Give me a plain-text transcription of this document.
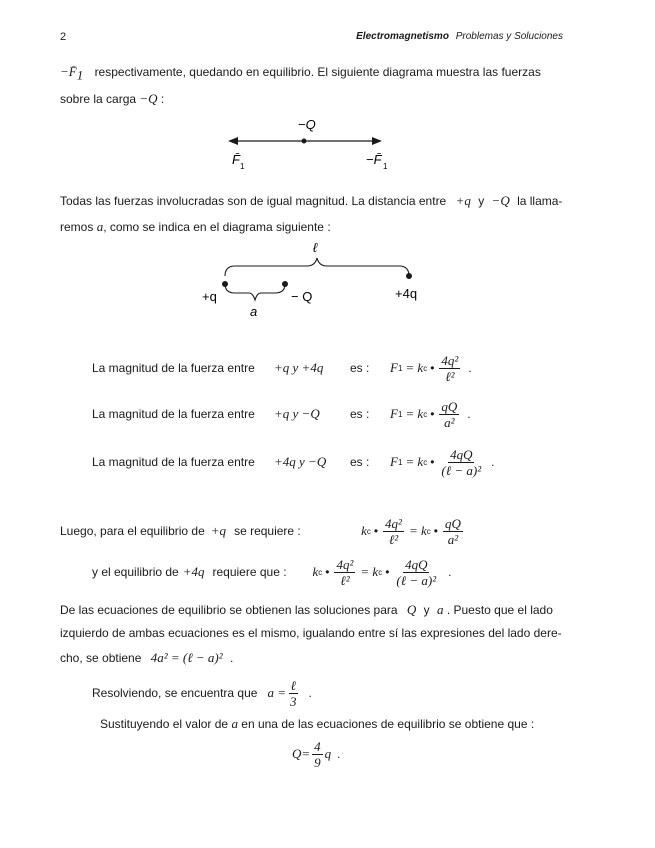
2	Electromagnetismo Problemas y Soluciones
$-F̄_1$ respectivamente, quedando en equilibrio. El siguiente diagrama muestra las fuerzas
sobre la carga −Q :
−Q
F̄ 1	−F̄ 1
Todas las fuerzas involucradas son de igual magnitud. La distancia entre +q y −Q la llama-
remos a, como se indica en el diagrama siguiente :
ℓ
+q	− Q	+4q
a
La magnitud de la fuerza entre	+q y +4q	es :	F 1 = k c • $\frac{\text{4q²}}{\text{ℓ²}}$ .
La magnitud de la fuerza entre	+q y −Q	es :	F 1 = k c • $\frac{qQ}{\text{a²}}$ .
La magnitud de la fuerza entre	+4q y −Q	es :	F 1 = k c • $\frac{4qQ}{\text{(ℓ − a)²}}$ .
Luego, para el equilibrio de +q se requiere :	k c • $\frac{\text{4q²}}{\text{ℓ²}} = k$ c • $\frac{qQ}{\text{a²}}$
y el equilibrio de +4q requiere que :	k c • $\frac{\text{4q²}}{\text{ℓ²}} = k$ c • $\frac{4qQ}{\text{(ℓ − a)²}}$ .
De las ecuaciones de equilibrio se obtienen las soluciones para Q y a . Puesto que el lado
izquierdo de ambas ecuaciones es el mismo, igualando entre sí las expresiones del lado dere-
cho, se obtiene 4a² = (ℓ − a)² .
Resolviendo, se encuentra que $a = \frac{\text{ℓ}}{3}$ .
Sustituyendo el valor de a en una de las ecuaciones de equilibrio se obtiene que :
$Q= \frac{4}{9}$ q .
